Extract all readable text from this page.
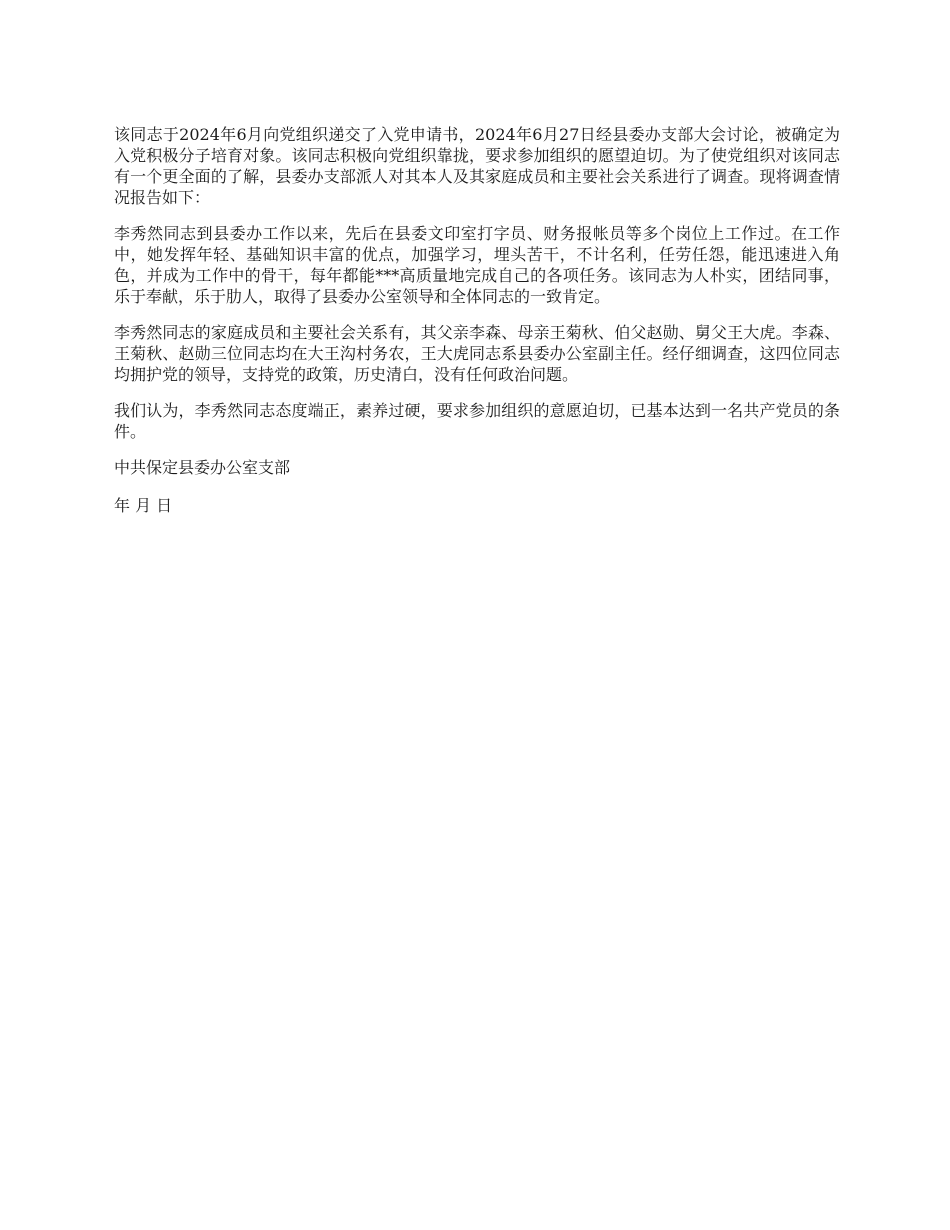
该同志于2024年6月向党组织递交了入党申请书，2024年6月27日经县委办支部大会讨论，被确定为入党积极分子培育对象。该同志积极向党组织靠拢，要求参加组织的愿望迫切。为了使党组织对该同志有一个更全面的了解，县委办支部派人对其本人及其家庭成员和主要社会关系进行了调查。现将调查情况报告如下：

李秀然同志到县委办工作以来，先后在县委文印室打字员、财务报帐员等多个岗位上工作过。在工作中，她发挥年轻、基础知识丰富的优点，加强学习，埋头苦干，不计名利，任劳任怨，能迅速进入角色，并成为工作中的骨干，每年都能***高质量地完成自己的各项任务。该同志为人朴实，团结同事，乐于奉献，乐于肋人，取得了县委办公室领导和全体同志的一致肯定。

李秀然同志的家庭成员和主要社会关系有，其父亲李森、母亲王菊秋、伯父赵勋、舅父王大虎。李森、王菊秋、赵勋三位同志均在大王沟村务农，王大虎同志系县委办公室副主任。经仔细调查，这四位同志均拥护党的领导，支持党的政策，历史清白，没有任何政治问题。

我们认为，李秀然同志态度端正，素养过硬，要求参加组织的意愿迫切，已基本达到一名共产党员的条件。

中共保定县委办公室支部

年 月 日
